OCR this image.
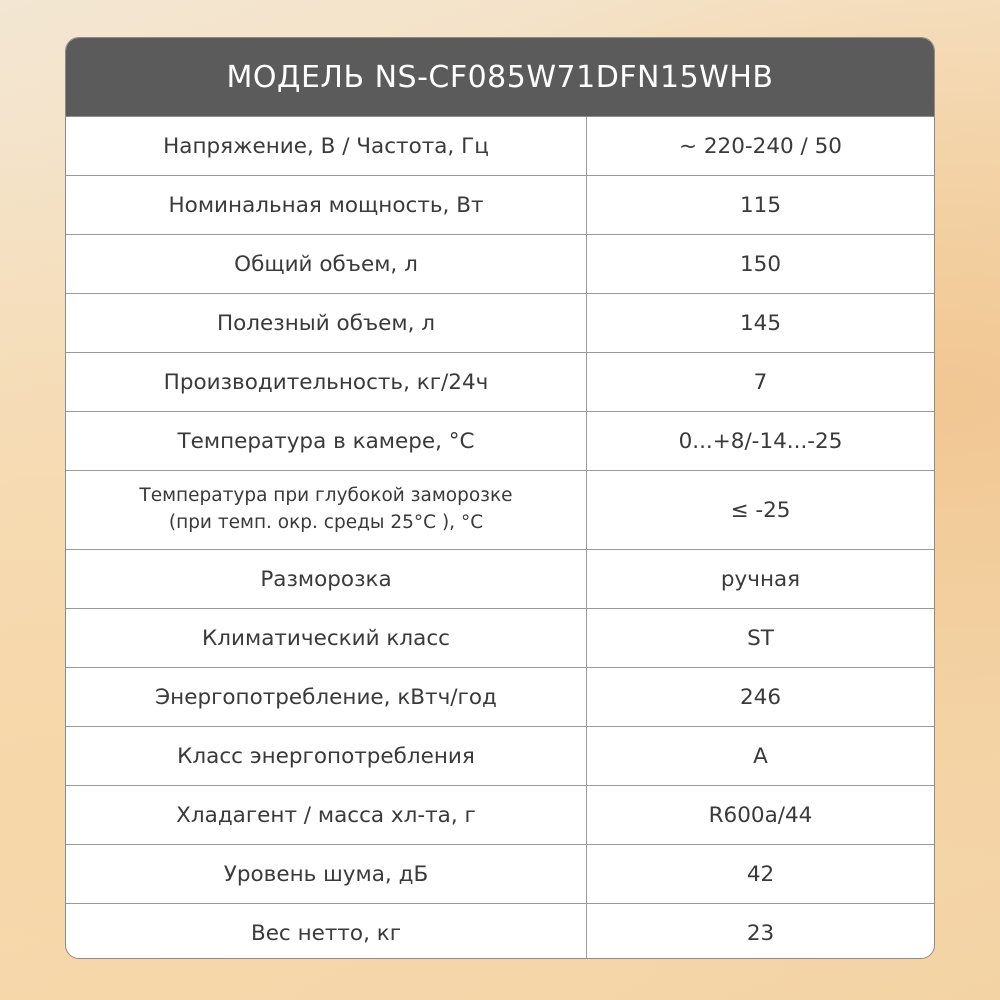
МОДЕЛЬ NS-CF085W71DFN15WHB
Напряжение, В / Частота, Гц	~ 220-240 / 50
Номинальная мощность, Вт	115
Общий объем, л	150
Полезный объем, л	145
Производительность, кг/24ч	7
Температура в камере, °С	0...+8/-14...-25
Температура при глубокой заморозке
(при темп. окр. среды 25°С ), °С	≤ -25
Разморозка	ручная
Климатический класс	ST
Энергопотребление, кВтч/год	246
Класс энергопотребления	A
Хладагент / масса хл-та, г	R600a/44
Уровень шума, дБ	42
Вес нетто, кг	23
